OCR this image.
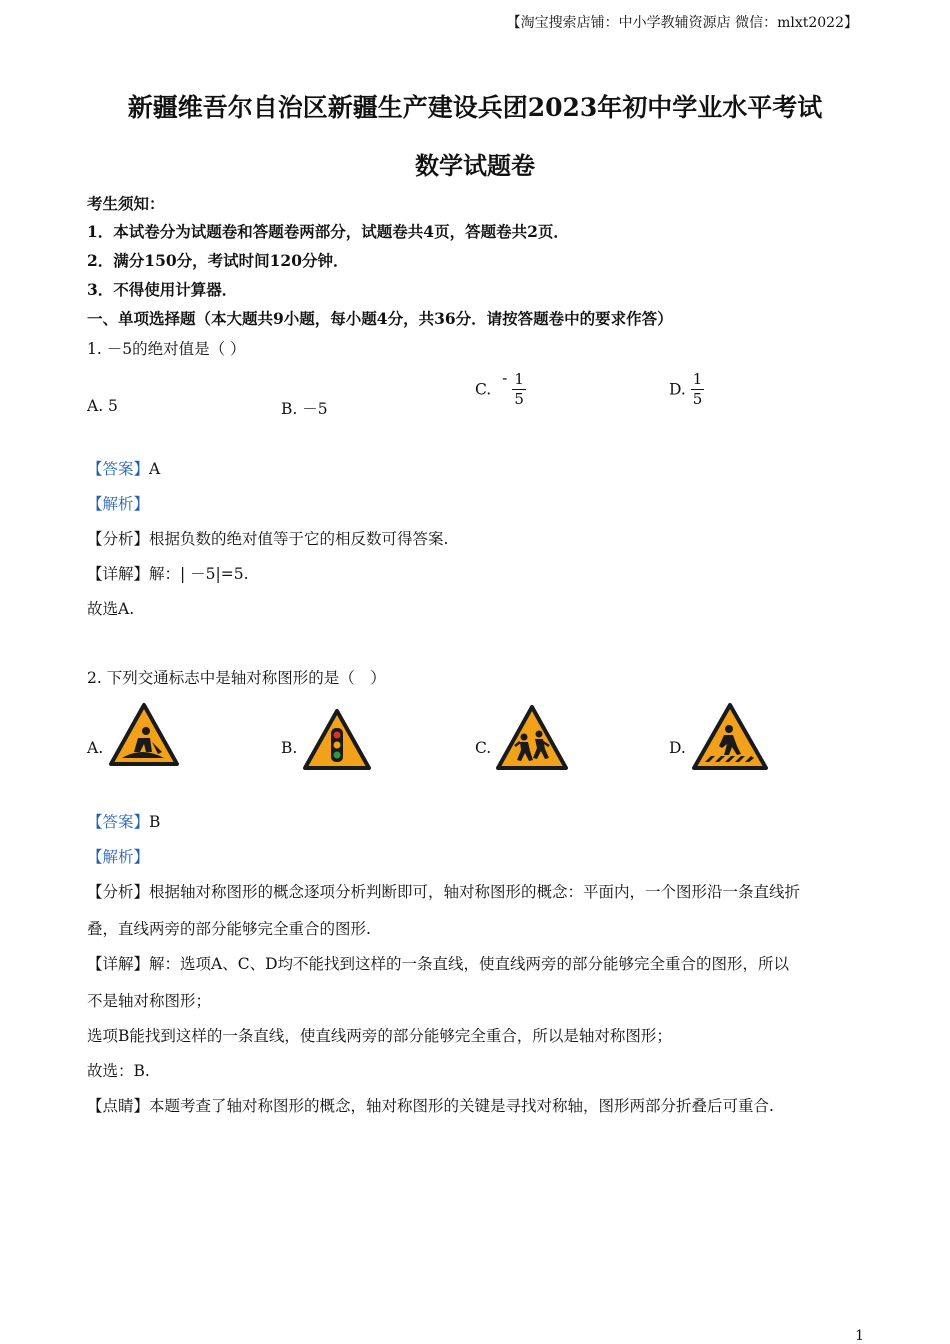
【淘宝搜索店铺：中小学教辅资源店 微信：mlxt2022】
新疆维吾尔自治区新疆生产建设兵团2023年初中学业水平考试
数学试题卷
考生须知：
1．本试卷分为试题卷和答题卷两部分，试题卷共4页，答题卷共2页．
2．满分150分，考试时间120分钟．
3．不得使用计算器．
一、单项选择题（本大题共9小题，每小题4分，共36分．请按答题卷中的要求作答）
1. －5的绝对值是（ ）
A. 5	B. －5
C. - $\frac{1}{5}$	D. $\frac{1}{5}$
【答案】A
【解析】
【分析】根据负数的绝对值等于它的相反数可得答案.
【详解】解：| －5|=5.
故选A.
2. 下列交通标志中是轴对称图形的是（　）
A.	B.	C.	D.
【答案】B
【解析】
【分析】根据轴对称图形的概念逐项分析判断即可，轴对称图形的概念：平面内，一个图形沿一条直线折
叠，直线两旁的部分能够完全重合的图形.
【详解】解：选项A、C、D均不能找到这样的一条直线，使直线两旁的部分能够完全重合的图形，所以
不是轴对称图形；
选项B能找到这样的一条直线，使直线两旁的部分能够完全重合，所以是轴对称图形；
故选：B.
【点睛】本题考查了轴对称图形的概念，轴对称图形的关键是寻找对称轴，图形两部分折叠后可重合.
1
